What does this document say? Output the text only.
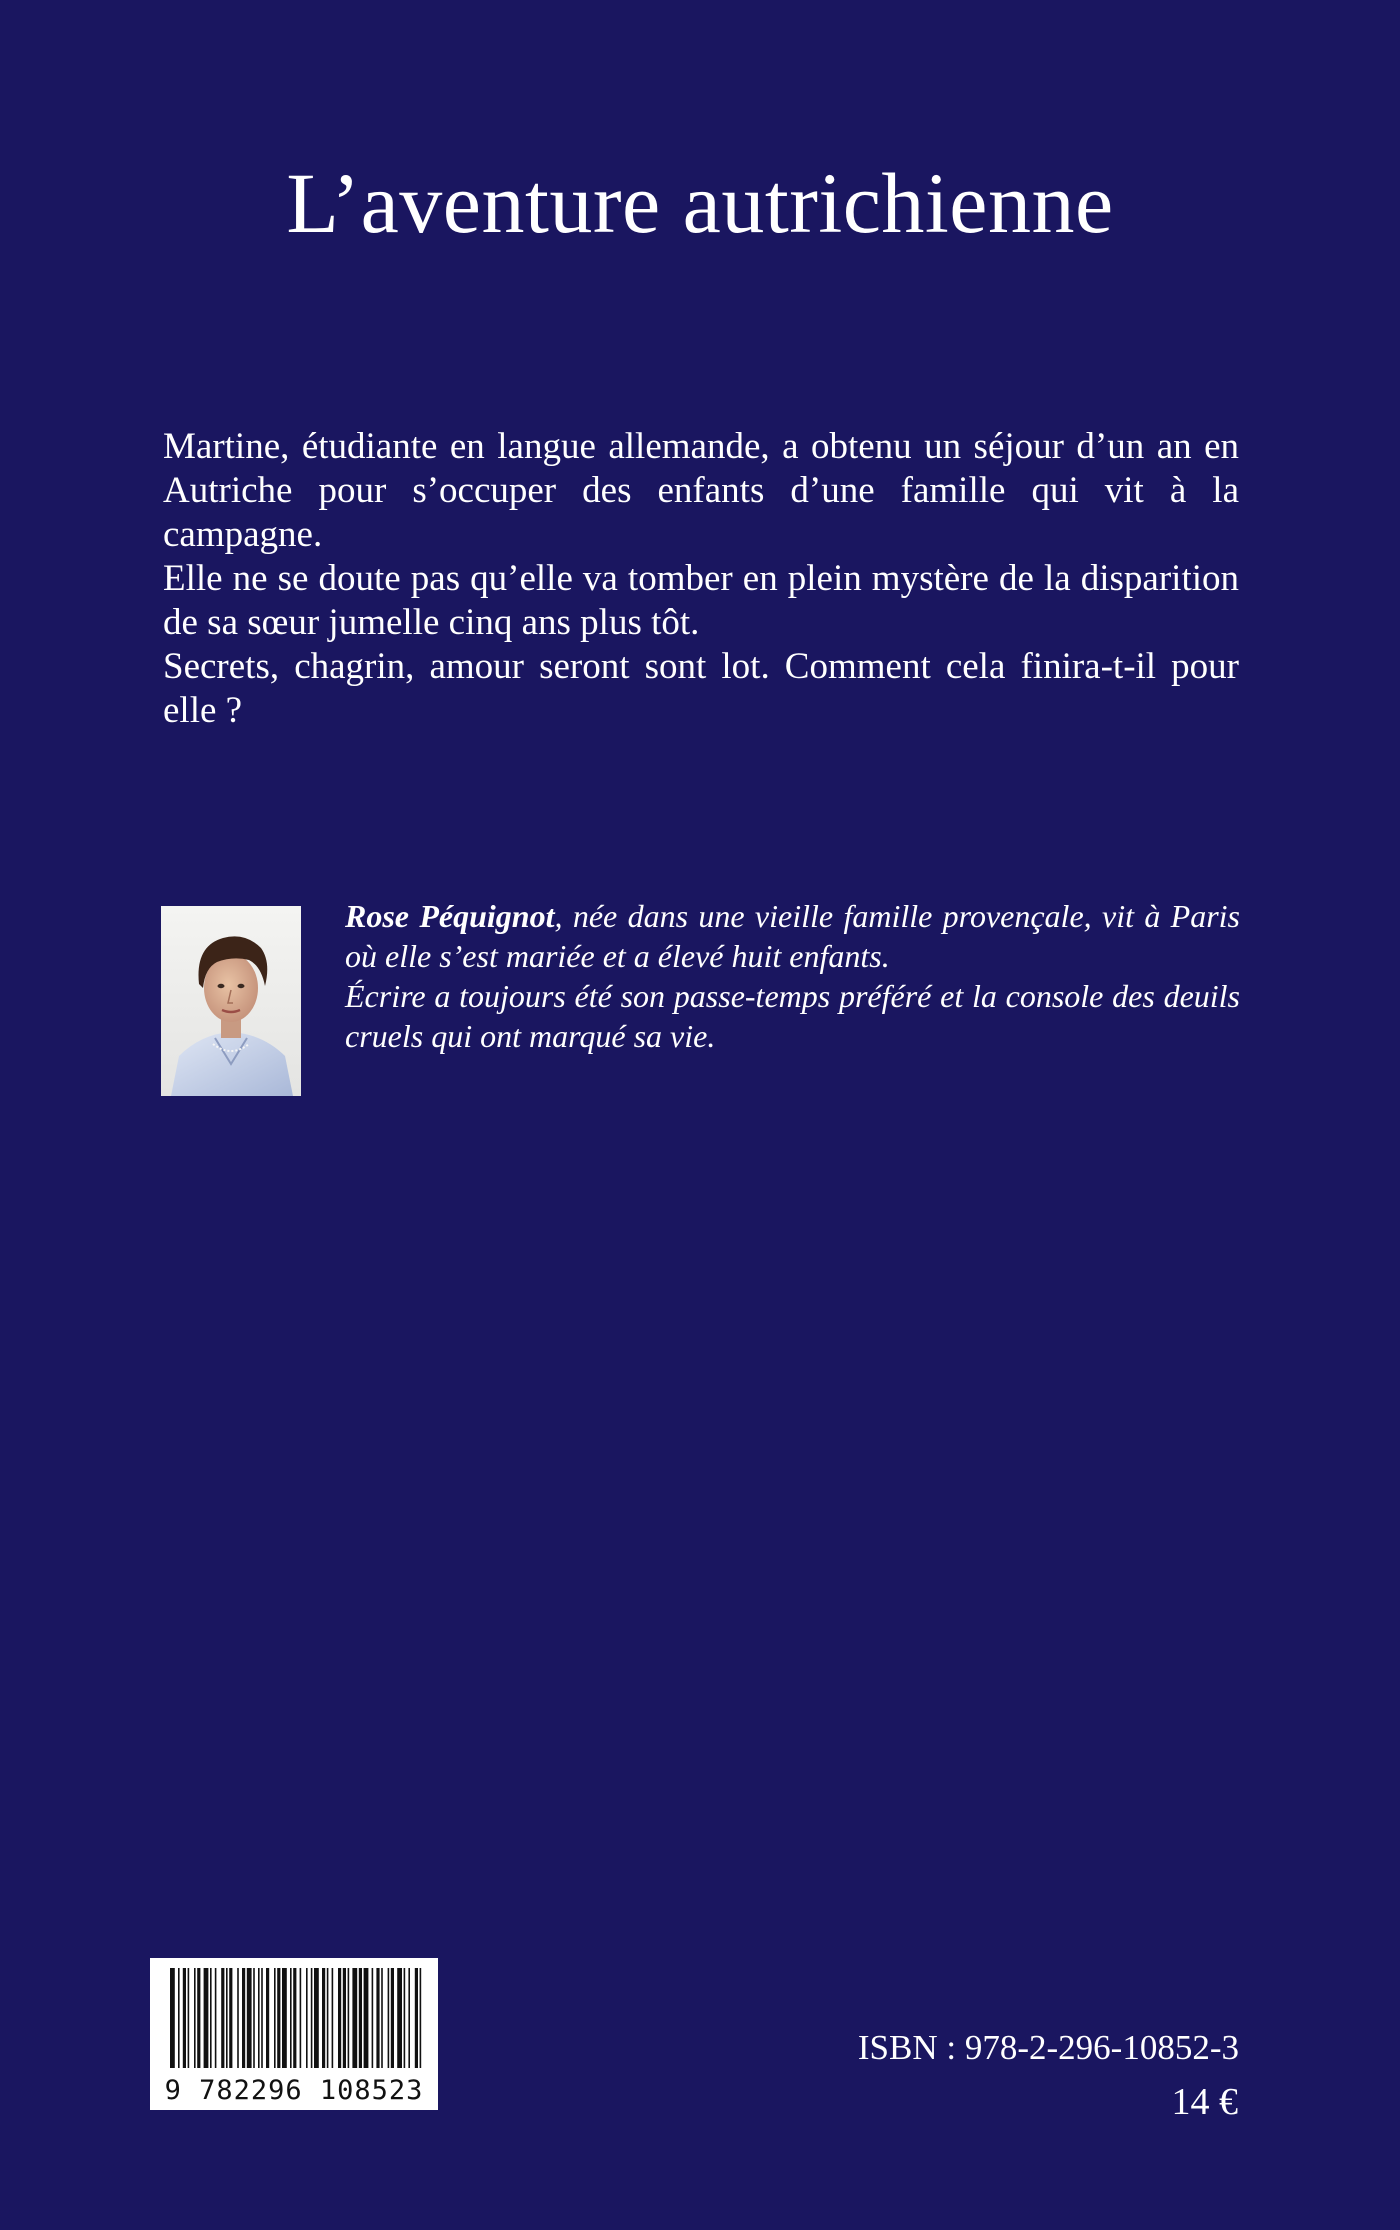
L’aventure autrichienne

Martine, étudiante en langue allemande, a obtenu un séjour d’un an en Autriche pour s’occuper des enfants d’une famille qui vit à la campagne.

Elle ne se doute pas qu’elle va tomber en plein mystère de la disparition de sa sœur jumelle cinq ans plus tôt.

Secrets, chagrin, amour seront sont lot. Comment cela finira-t-il pour elle ?

Rose Péquignot, née dans une vieille famille provençale, vit à Paris où elle s’est mariée et a élevé huit enfants.

Écrire a toujours été son passe-temps préféré et la console des deuils cruels qui ont marqué sa vie.

9 782296 108523
ISBN : 978-2-296-10852-3
14 €
